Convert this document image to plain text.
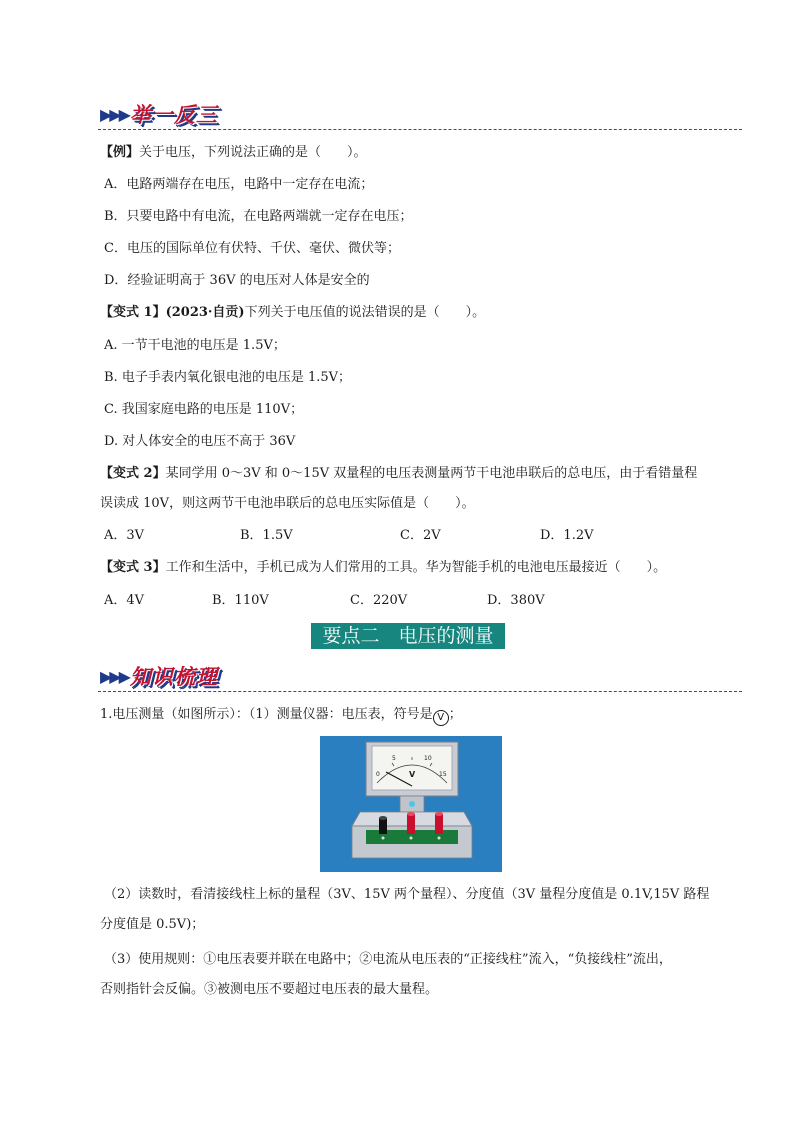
▶▶▶举一反三
【例】关于电压，下列说法正确的是（　　）。
A．电路两端存在电压，电路中一定存在电流；
B．只要电路中有电流，在电路两端就一定存在电压；
C．电压的国际单位有伏特、千伏、毫伏、微伏等；
D．经验证明高于 36V 的电压对人体是安全的
【变式 1】(2023·自贡)下列关于电压值的说法错误的是（　　）。
A. 一节干电池的电压是 1.5V；
B. 电子手表内氧化银电池的电压是 1.5V；
C. 我国家庭电路的电压是 110V；
D. 对人体安全的电压不高于 36V
【变式 2】某同学用 0～3V 和 0～15V 双量程的电压表测量两节干电池串联后的总电压，由于看错量程
误读成 10V，则这两节干电池串联后的总电压实际值是（　　）。
A．3V	B．1.5V	C．2V	D．1.2V
【变式 3】工作和生活中，手机已成为人们常用的工具。华为智能手机的电池电压最接近（　　）。
A．4V	B．110V	C．220V	D．380V
要点二　电压的测量
▶▶▶知识梳理
1.电压测量（如图所示）：（1）测量仪器：电压表，符号是 V ；
0
5	10
15
V
（2）读数时，看清接线柱上标的量程（3V、15V 两个量程）、分度值（3V 量程分度值是 0.1V,15V 路程
分度值是 0.5V)；
（3）使用规则：①电压表要并联在电路中；②电流从电压表的“正接线柱”流入，“负接线柱”流出，
否则指针会反偏。③被测电压不要超过电压表的最大量程。
